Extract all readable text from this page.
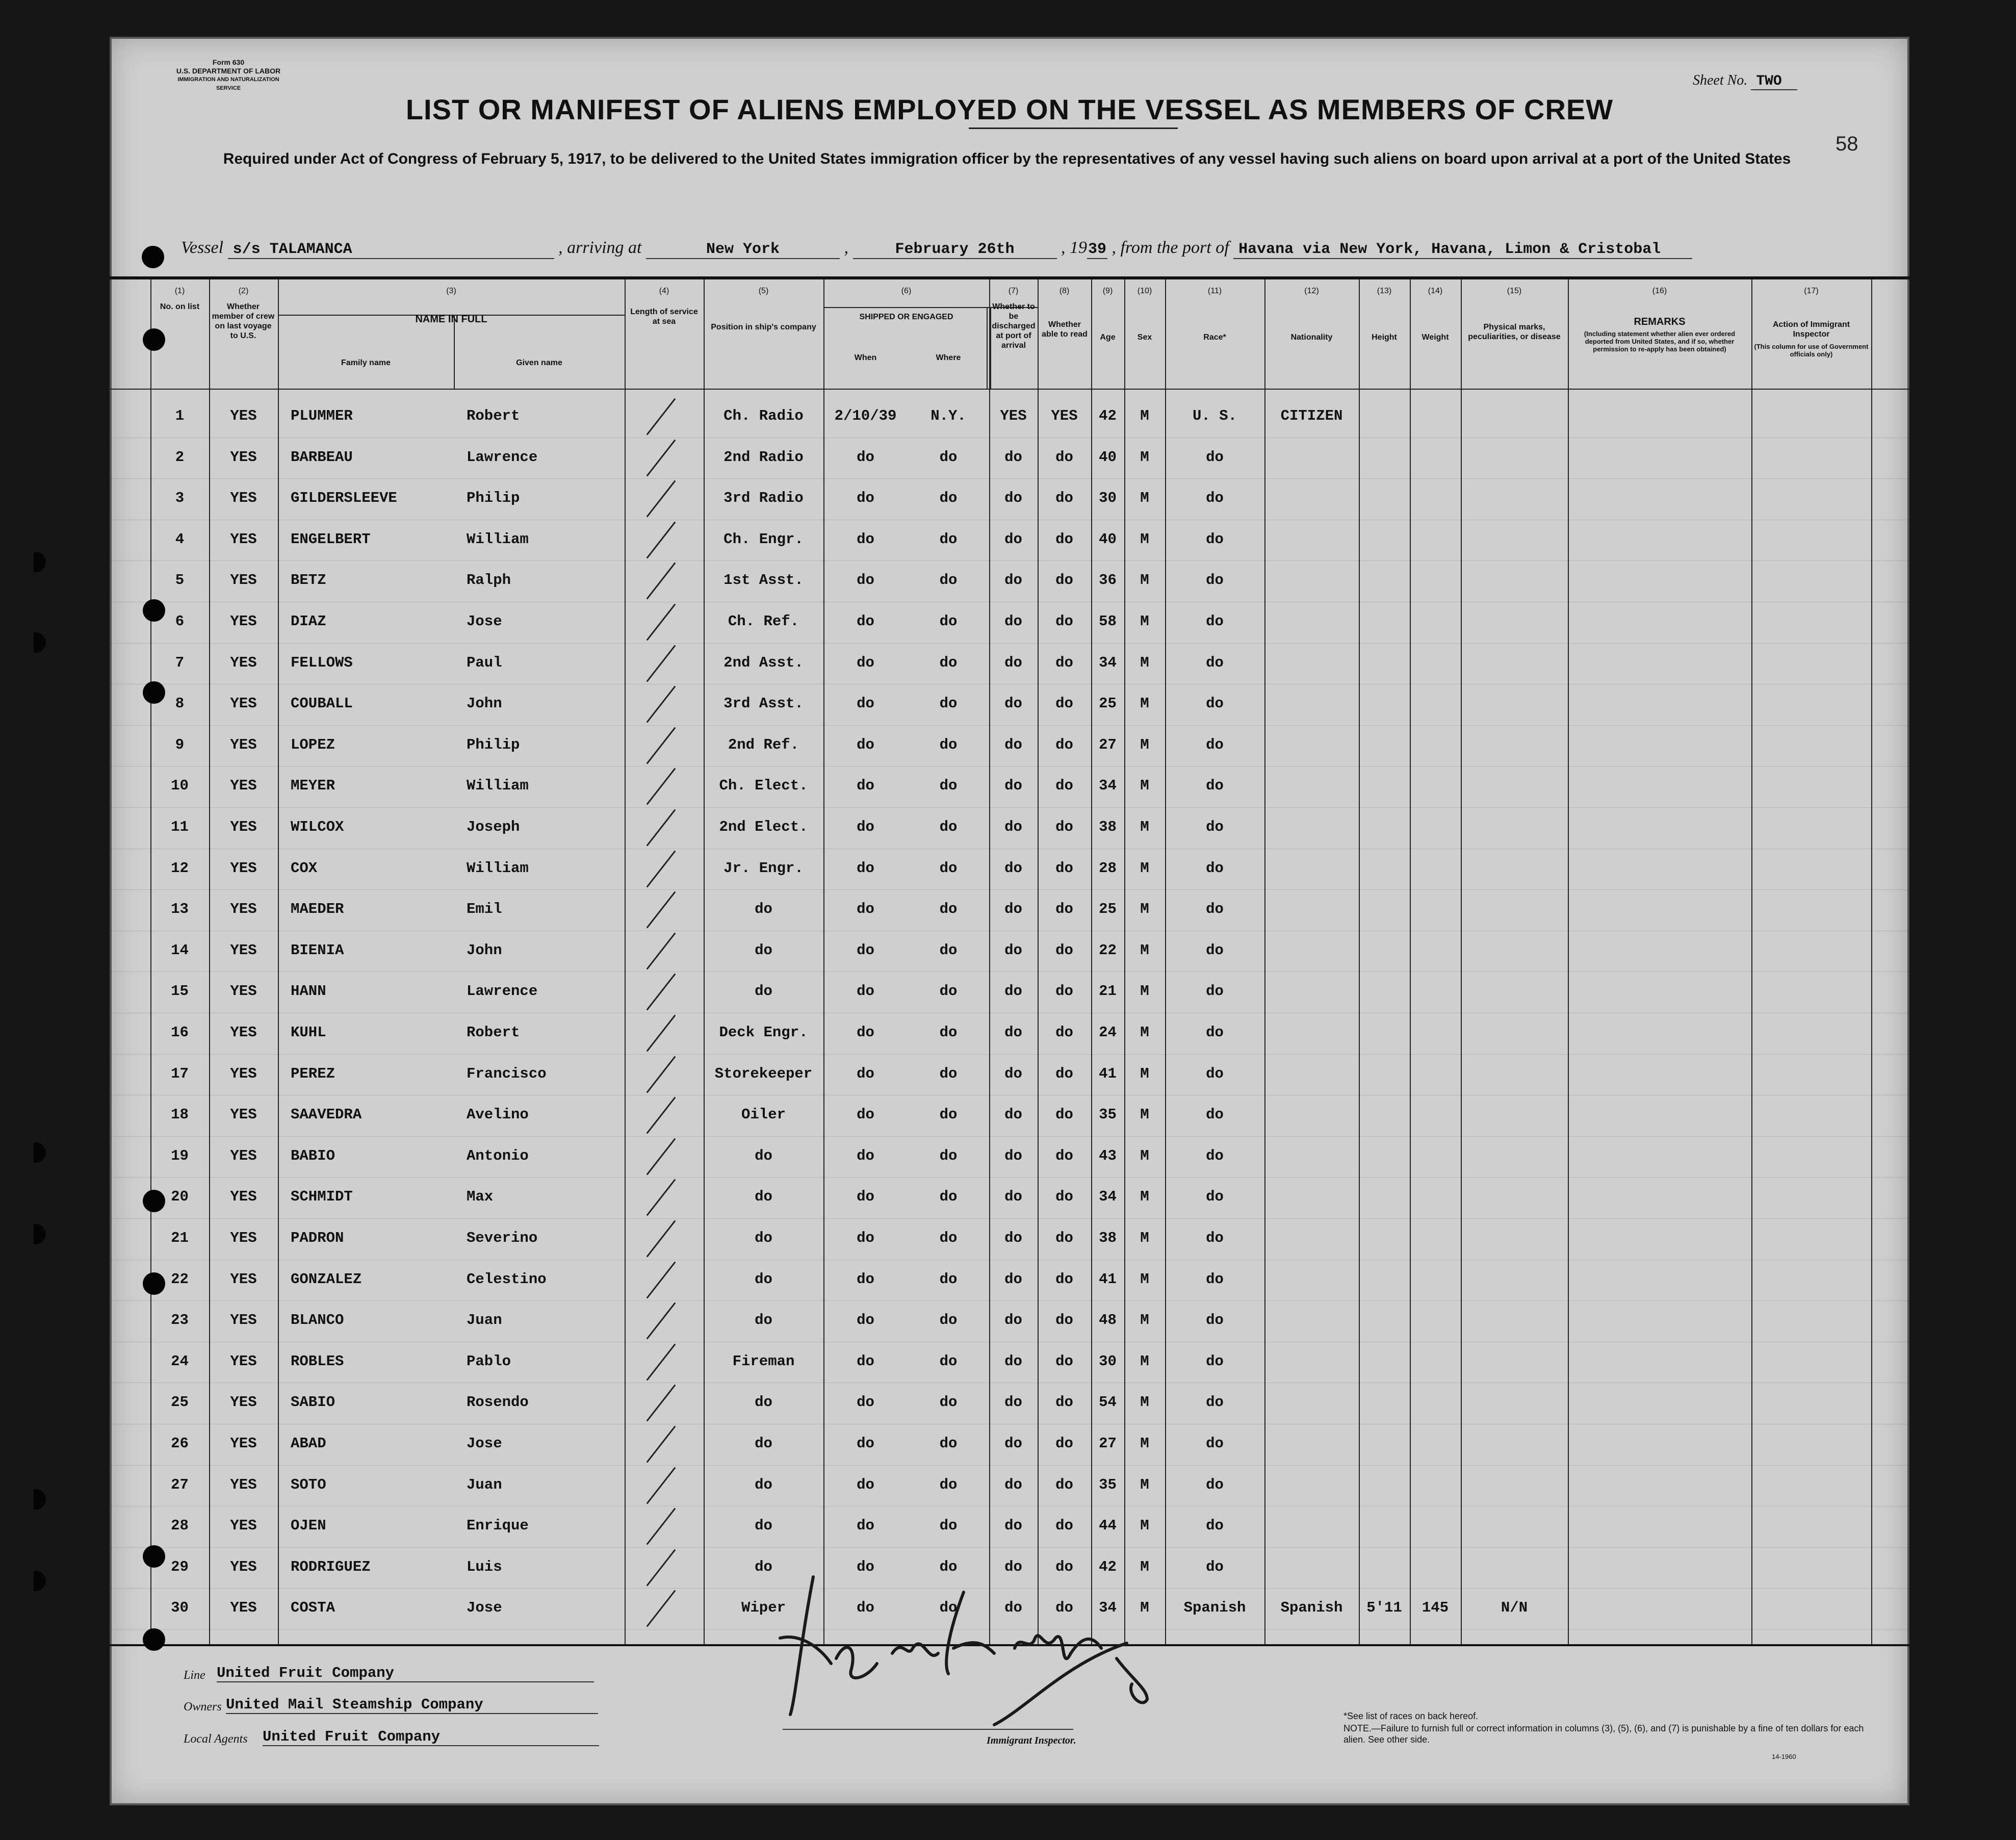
Form 630
U.S. DEPARTMENT OF LABOR
IMMIGRATION AND NATURALIZATION SERVICE	Sheet No. TWO
58
LIST OR MANIFEST OF ALIENS EMPLOYED ON THE VESSEL AS MEMBERS OF CREW
Required under Act of Congress of February 5, 1917, to be delivered to the United States immigration officer by the representatives of any vessel having such aliens on board upon arrival at a port of the United States
Vessel s/s TALAMANCA	, arriving at	New York	,	February 26th	, 1939 , from the port of Havana via New York, Havana, Limon & Cristobal
(1)	(2)	(3)	(4)	(5)	(6)	(7)	(8)	(9)	(10)	(11)	(12)	(13)	(14)	(15)	(16)	(17)
No. on list	Whether member of crew on last voyage to U.S.
NAME IN FULL
Family name	Given name
Length of service at sea
Position in ship's company
SHIPPED OR ENGAGED
When	Where
Whether to be discharged at port of arrival
Whether able to read	Age	Sex	Race*	Nationality	Height	Weight
Physical marks, peculiarities, or disease
REMARKS
(Including statement whether alien ever ordered deported from United States, and if so, whether permission to re-apply has been obtained)
Action of Immigrant Inspector
(This column for use of Government officials only)
1	YES	PLUMMER	Robert	Ch. Radio	2/10/39	N.Y.	YES	YES	42	M	U. S.	CITIZEN
2	YES	BARBEAU	Lawrence	2nd Radio	do	do	do	do	40	M	do
3	YES	GILDERSLEEVE	Philip	3rd Radio	do	do	do	do	30	M	do
4	YES	ENGELBERT	William	Ch. Engr.	do	do	do	do	40	M	do
5	YES	BETZ	Ralph	1st Asst.	do	do	do	do	36	M	do
6	YES	DIAZ	Jose	Ch. Ref.	do	do	do	do	58	M	do
7	YES	FELLOWS	Paul	2nd Asst.	do	do	do	do	34	M	do
8	YES	COUBALL	John	3rd Asst.	do	do	do	do	25	M	do
9	YES	LOPEZ	Philip	2nd Ref.	do	do	do	do	27	M	do
10	YES	MEYER	William	Ch. Elect.	do	do	do	do	34	M	do
11	YES	WILCOX	Joseph	2nd Elect.	do	do	do	do	38	M	do
12	YES	COX	William	Jr. Engr.	do	do	do	do	28	M	do
13	YES	MAEDER	Emil	do	do	do	do	do	25	M	do
14	YES	BIENIA	John	do	do	do	do	do	22	M	do
15	YES	HANN	Lawrence	do	do	do	do	do	21	M	do
16	YES	KUHL	Robert	Deck Engr.	do	do	do	do	24	M	do
17	YES	PEREZ	Francisco	Storekeeper	do	do	do	do	41	M	do
18	YES	SAAVEDRA	Avelino	Oiler	do	do	do	do	35	M	do
19	YES	BABIO	Antonio	do	do	do	do	do	43	M	do
20	YES	SCHMIDT	Max	do	do	do	do	do	34	M	do
21	YES	PADRON	Severino	do	do	do	do	do	38	M	do
22	YES	GONZALEZ	Celestino	do	do	do	do	do	41	M	do
23	YES	BLANCO	Juan	do	do	do	do	do	48	M	do
24	YES	ROBLES	Pablo	Fireman	do	do	do	do	30	M	do
25	YES	SABIO	Rosendo	do	do	do	do	do	54	M	do
26	YES	ABAD	Jose	do	do	do	do	do	27	M	do
27	YES	SOTO	Juan	do	do	do	do	do	35	M	do
28	YES	OJEN	Enrique	do	do	do	do	do	44	M	do
29	YES	RODRIGUEZ	Luis	do	do	do	do	do	42	M	do
30	YES	COSTA	Jose	Wiper	do	do	do	do	34	M	Spanish	Spanish	5'11	145	N/N
Line United Fruit Company
Owners United Mail Steamship Company
Local Agents United Fruit Company	Immigrant Inspector.
*See list of races on back hereof.
NOTE.—Failure to furnish full or correct information in columns (3), (5), (6), and (7) is punishable by a fine of ten dollars for each alien. See other side.
14-1960
